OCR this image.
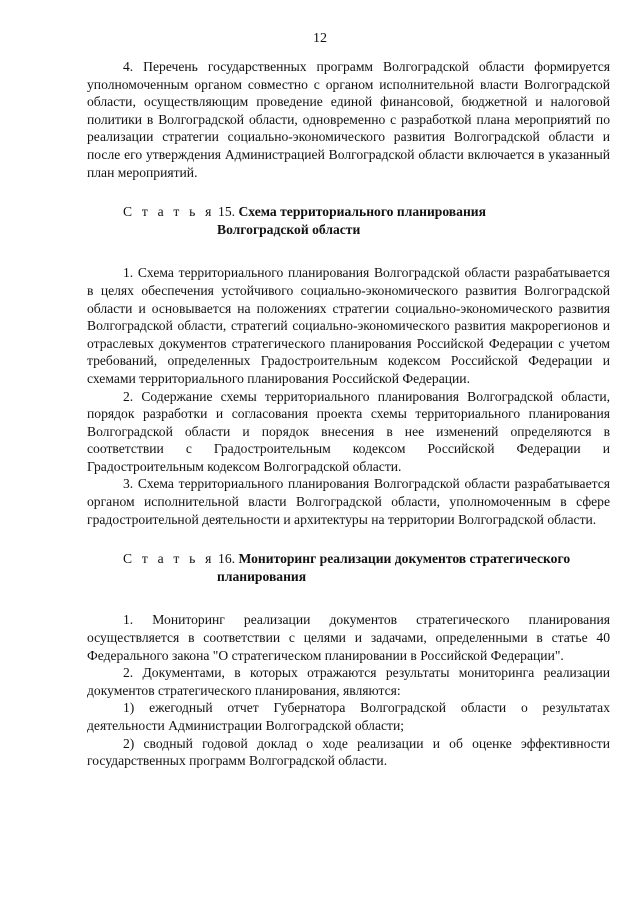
12

4. Перечень государственных программ Волгоградской области формируется уполномоченным органом совместно с органом исполнительной власти Волгоградской области, осуществляющим проведение единой финансовой, бюджетной и налоговой политики в Волгоградской области, одновременно с разработкой плана мероприятий по реализации стратегии социально-экономического развития Волгоградской области и после его утверждения Администрацией Волгоградской области включается в указанный план мероприятий.

С т а т ь я 15. Схема территориального планирования
Волгоградской области

1. Схема территориального планирования Волгоградской области разрабатывается в целях обеспечения устойчивого социально-экономического развития Волгоградской области и основывается на положениях стратегии социально-экономического развития Волгоградской области, стратегий социально-экономического развития макрорегионов и отраслевых документов стратегического планирования Российской Федерации с учетом требований, определенных Градостроительным кодексом Российской Федерации и схемами территориального планирования Российской Федерации.

2. Содержание схемы территориального планирования Волгоградской области, порядок разработки и согласования проекта схемы территориального планирования Волгоградской области и порядок внесения в нее изменений определяются в соответствии с Градостроительным кодексом Российской Федерации и Градостроительным кодексом Волгоградской области.

3. Схема территориального планирования Волгоградской области разрабатывается органом исполнительной власти Волгоградской области, уполномоченным в сфере градостроительной деятельности и архитектуры на территории Волгоградской области.

С т а т ь я 16. Мониторинг реализации документов стратегического
планирования

1. Мониторинг реализации документов стратегического планирования осуществляется в соответствии с целями и задачами, определенными в статье 40 Федерального закона "О стратегическом планировании в Российской Федерации".

2. Документами, в которых отражаются результаты мониторинга реализации документов стратегического планирования, являются:

1) ежегодный отчет Губернатора Волгоградской области о результатах деятельности Администрации Волгоградской области;

2) сводный годовой доклад о ходе реализации и об оценке эффективности государственных программ Волгоградской области.
